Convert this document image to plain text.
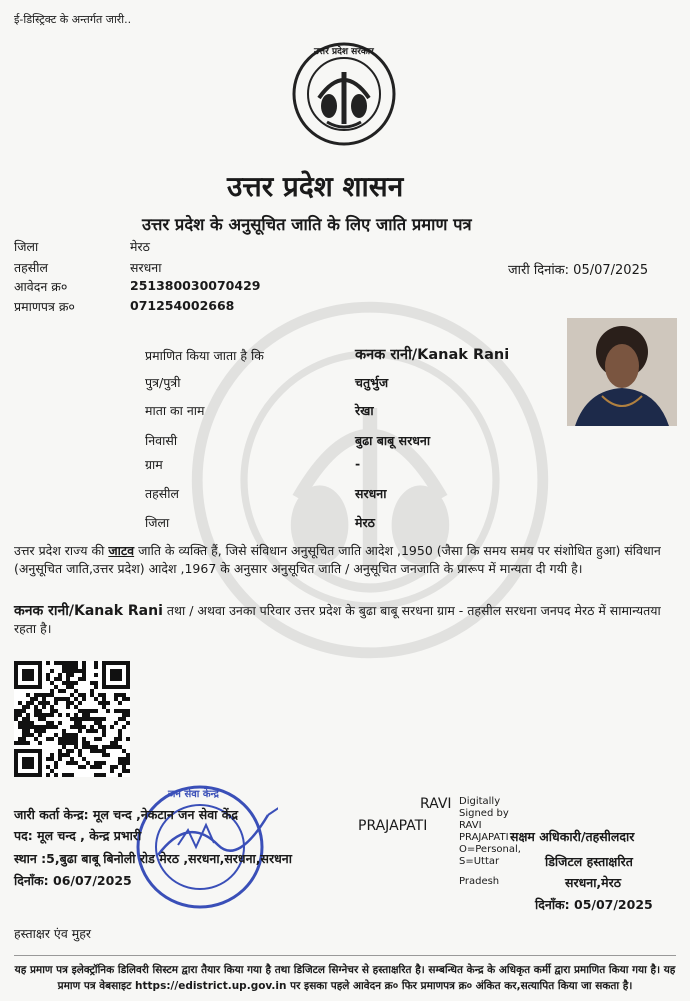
ई-डिस्ट्रिक्ट के अन्तर्गत जारी..
उत्तर प्रदेश सरकार
उत्तर प्रदेश शासन
उत्तर प्रदेश के अनुसूचित जाति के लिए जाति प्रमाण पत्र
जिला	मेरठ
तहसील	सरधना
आवेदन क्र०	251380030070429
प्रमाणपत्र क्र०	071254002668
जारी दिनांक: 05/07/2025
प्रमाणित किया जाता है कि	कनक रानी/Kanak Rani
पुत्र/पुत्री	चतुर्भुज
माता का नाम	रेखा
निवासी	बुढा बाबू सरधना
ग्राम	-
तहसील	सरधना
जिला	मेरठ
उत्तर प्रदेश राज्य की जाटव जाति के व्यक्ति हैं, जिसे संविधान अनुसूचित जाति आदेश ,1950 (जैसा कि समय समय पर संशोधित हुआ) संविधान (अनुसूचित जाति,उत्तर प्रदेश) आदेश ,1967 के अनुसार अनुसूचित जाति / अनुसूचित जनजाति के प्रारूप में मान्यता दी गयी है।
कनक रानी/Kanak Rani तथा / अथवा उनका परिवार उत्तर प्रदेश के बुढा बाबू सरधना ग्राम - तहसील सरधना जनपद मेरठ में सामान्यतया रहता है।
जन सेवा केन्द्र
जारी कर्ता केन्द्र: मूल चन्द ,नेकटान जन सेवा केंद्र
पद: मूल चन्द , केन्द्र प्रभारी
स्थान :5,बुढा बाबू बिनोली रोड मेरठ ,सरधना,सरधना,सरधना
दिनाँक: 06/07/2025
RAVI
PRAJAPATI
Digitally
Signed by
RAVI
PRAJAPATI
O=Personal,
S=Uttar
Pradesh
सक्षम अधिकारी/तहसीलदार
डिजिटल हस्ताक्षरित
सरधना,मेरठ
दिनाँक: 05/07/2025
हस्ताक्षर एंव मुहर
यह प्रमाण पत्र इलेक्ट्रॉनिक डिलिवरी सिस्टम द्वारा तैयार किया गया है तथा डिजिटल सिग्नेचर से हस्ताक्षरित है। सम्बन्धित केन्द्र के अधिकृत कर्मी द्वारा प्रमाणित किया गया है। यह प्रमाण पत्र वेबसाइट https://edistrict.up.gov.in पर इसका पहले आवेदन क्र० फिर प्रमाणपत्र क्र० अंकित कर,सत्यापित किया जा सकता है।
